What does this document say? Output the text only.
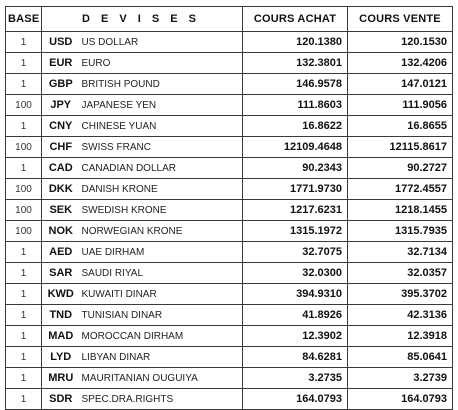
BASE	D E V I S E S		COURS ACHAT	COURS VENTE
1	USD	US DOLLAR	120.1380	120.1530
1	EUR	EURO	132.3801	132.4206
1	GBP	BRITISH POUND	146.9578	147.0121
100	JPY	JAPANESE YEN	111.8603	111.9056
1	CNY	CHINESE YUAN	16.8622	16.8655
100	CHF	SWISS FRANC	12109.4648	12115.8617
1	CAD	CANADIAN DOLLAR	90.2343	90.2727
100	DKK	DANISH KRONE	1771.9730	1772.4557
100	SEK	SWEDISH KRONE	1217.6231	1218.1455
100	NOK	NORWEGIAN KRONE	1315.1972	1315.7935
1	AED	UAE DIRHAM	32.7075	32.7134
1	SAR	SAUDI RIYAL	32.0300	32.0357
1	KWD	KUWAITI DINAR	394.9310	395.3702
1	TND	TUNISIAN DINAR	41.8926	42.3136
1	MAD	MOROCCAN DIRHAM	12.3902	12.3918
1	LYD	LIBYAN DINAR	84.6281	85.0641
1	MRU	MAURITANIAN OUGUIYA	3.2735	3.2739
1	SDR	SPEC.DRA.RIGHTS	164.0793	164.0793
